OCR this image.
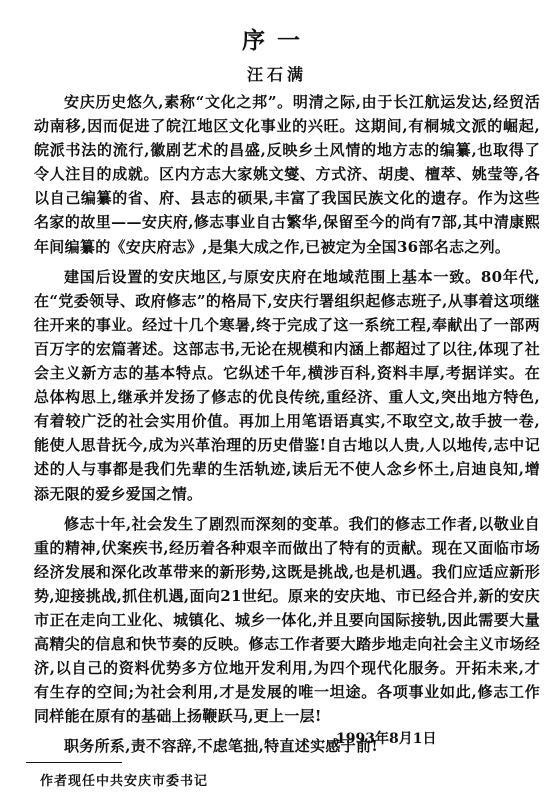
序一
汪石满

安庆历史悠久,素称“文化之邦”。明清之际,由于长江航运发达,经贸活动南移,因而促进了皖江地区文化事业的兴旺。这期间,有桐城文派的崛起,皖派书法的流行,徽剧艺术的昌盛,反映乡土风情的地方志的编纂,也取得了令人注目的成就。区内方志大家姚文燮、方式济、胡虔、檀萃、姚莹等,各以自己编纂的省、府、县志的硕果,丰富了我国民族文化的遗存。作为这些名家的故里——安庆府,修志事业自古繁华,保留至今的尚有7部,其中清康熙年间编纂的《安庆府志》,是集大成之作,已被定为全国36部名志之列。

建国后设置的安庆地区,与原安庆府在地域范围上基本一致。80年代,在“党委领导、政府修志”的格局下,安庆行署组织起修志班子,从事着这项继往开来的事业。经过十几个寒暑,终于完成了这一系统工程,奉献出了一部两百万字的宏篇著述。这部志书,无论在规模和内涵上都超过了以往,体现了社会主义新方志的基本特点。它纵述千年,横涉百科,资料丰厚,考据详实。在总体构思上,继承并发扬了修志的优良传统,重经济、重人文,突出地方特色,有着较广泛的社会实用价值。再加上用笔语语真实,不取空文,故手披一卷,能使人思昔抚今,成为兴革治理的历史借鉴!自古地以人贵,人以地传,志中记述的人与事都是我们先辈的生活轨迹,读后无不使人念乡怀土,启迪良知,增添无限的爱乡爱国之情。

修志十年,社会发生了剧烈而深刻的变革。我们的修志工作者,以敬业自重的精神,伏案疾书,经历着各种艰辛而做出了特有的贡献。现在又面临市场经济发展和深化改革带来的新形势,这既是挑战,也是机遇。我们应适应新形势,迎接挑战,抓住机遇,面向21世纪。原来的安庆地、市已经合并,新的安庆市正在走向工业化、城镇化、城乡一体化,并且要向国际接轨,因此需要大量高精尖的信息和快节奏的反映。修志工作者要大踏步地走向社会主义市场经济,以自己的资料优势多方位地开发利用,为四个现代化服务。开拓未来,才有生存的空间;为社会利用,才是发展的唯一坦途。各项事业如此,修志工作同样能在原有的基础上扬鞭跃马,更上一层!

职务所系,责不容辞,不虑笔拙,特直述实感于前!

1993年8月1日
作者现任中共安庆市委书记
